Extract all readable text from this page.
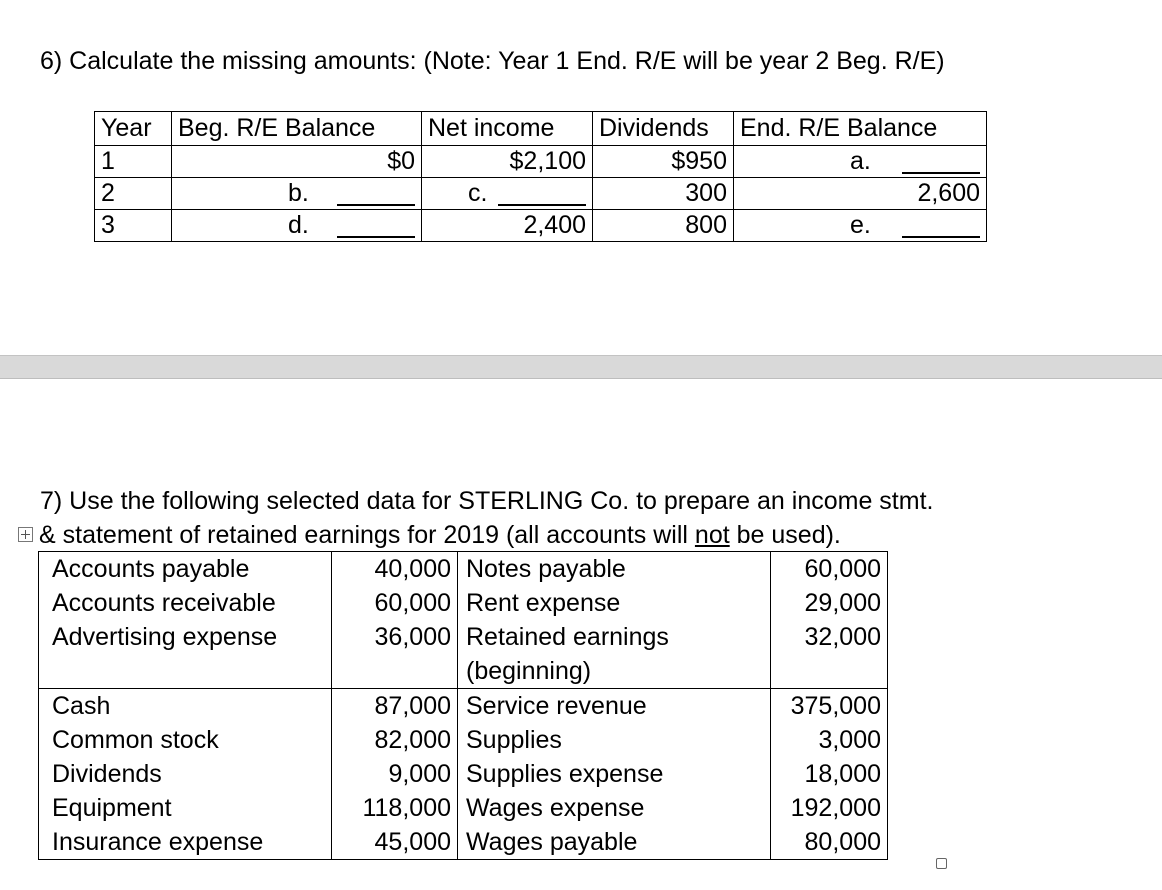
6) Calculate the missing amounts: (Note: Year 1 End. R/E will be year 2 Beg. R/E)
Year	Beg. R/E Balance	Net income	Dividends	End. R/E Balance
1	$0	$2,100	$950	a.

2	b.	c.	300	2,600
3	d.	2,400	800	e.
7) Use the following selected data for STERLING Co. to prepare an income stmt.
& statement of retained earnings for 2019 (all accounts will not be used).
Accounts payable	40,000	Notes payable	60,000
Accounts receivable	60,000	Rent expense	29,000
Advertising expense	36,000	Retained earnings (beginning)	32,000
Cash	87,000	Service revenue	375,000
Common stock	82,000	Supplies	3,000
Dividends	9,000	Supplies expense	18,000
Equipment	118,000	Wages expense	192,000
Insurance expense	45,000	Wages payable	80,000
